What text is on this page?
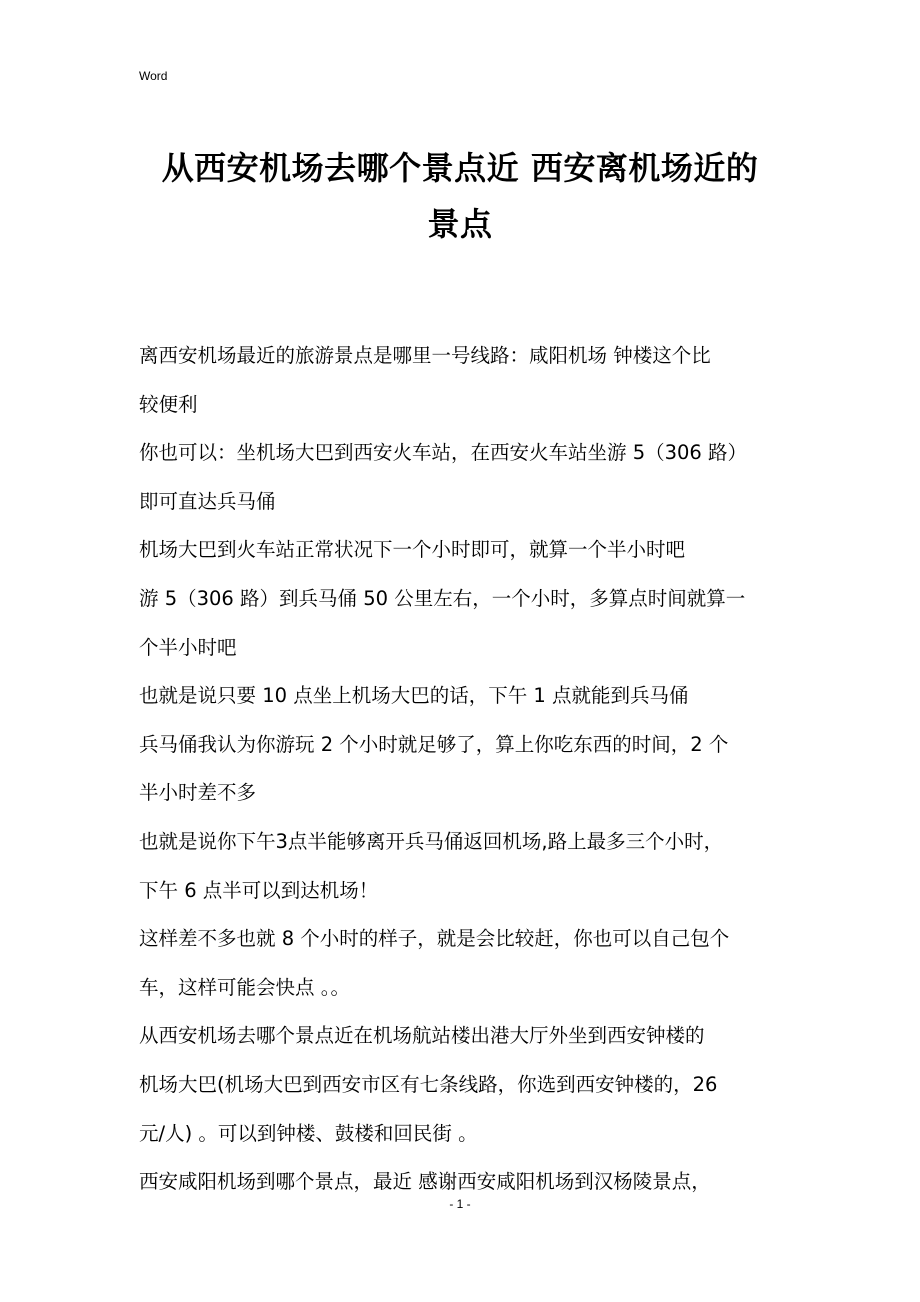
Word
从西安机场去哪个景点近 西安离机场近的
景点

离西安机场最近的旅游景点是哪里一号线路：咸阳机场 钟楼这个比

较便利

你也可以：坐机场大巴到西安火车站，在西安火车站坐游 5（306 路）

即可直达兵马俑

机场大巴到火车站正常状况下一个小时即可，就算一个半小时吧

游 5（306 路）到兵马俑 50 公里左右，一个小时，多算点时间就算一

个半小时吧

也就是说只要 10 点坐上机场大巴的话，下午 1 点就能到兵马俑

兵马俑我认为你游玩 2 个小时就足够了，算上你吃东西的时间，2 个

半小时差不多

也就是说你下午3点半能够离开兵马俑返回机场,路上最多三个小时，

下午 6 点半可以到达机场！

这样差不多也就 8 个小时的样子，就是会比较赶，你也可以自己包个

车，这样可能会快点 。。

从西安机场去哪个景点近在机场航站楼出港大厅外坐到西安钟楼的

机场大巴(机场大巴到西安市区有七条线路，你选到西安钟楼的，26

元/人) 。可以到钟楼、鼓楼和回民街 。

西安咸阳机场到哪个景点，最近 感谢西安咸阳机场到汉杨陵景点，

- 1 -
